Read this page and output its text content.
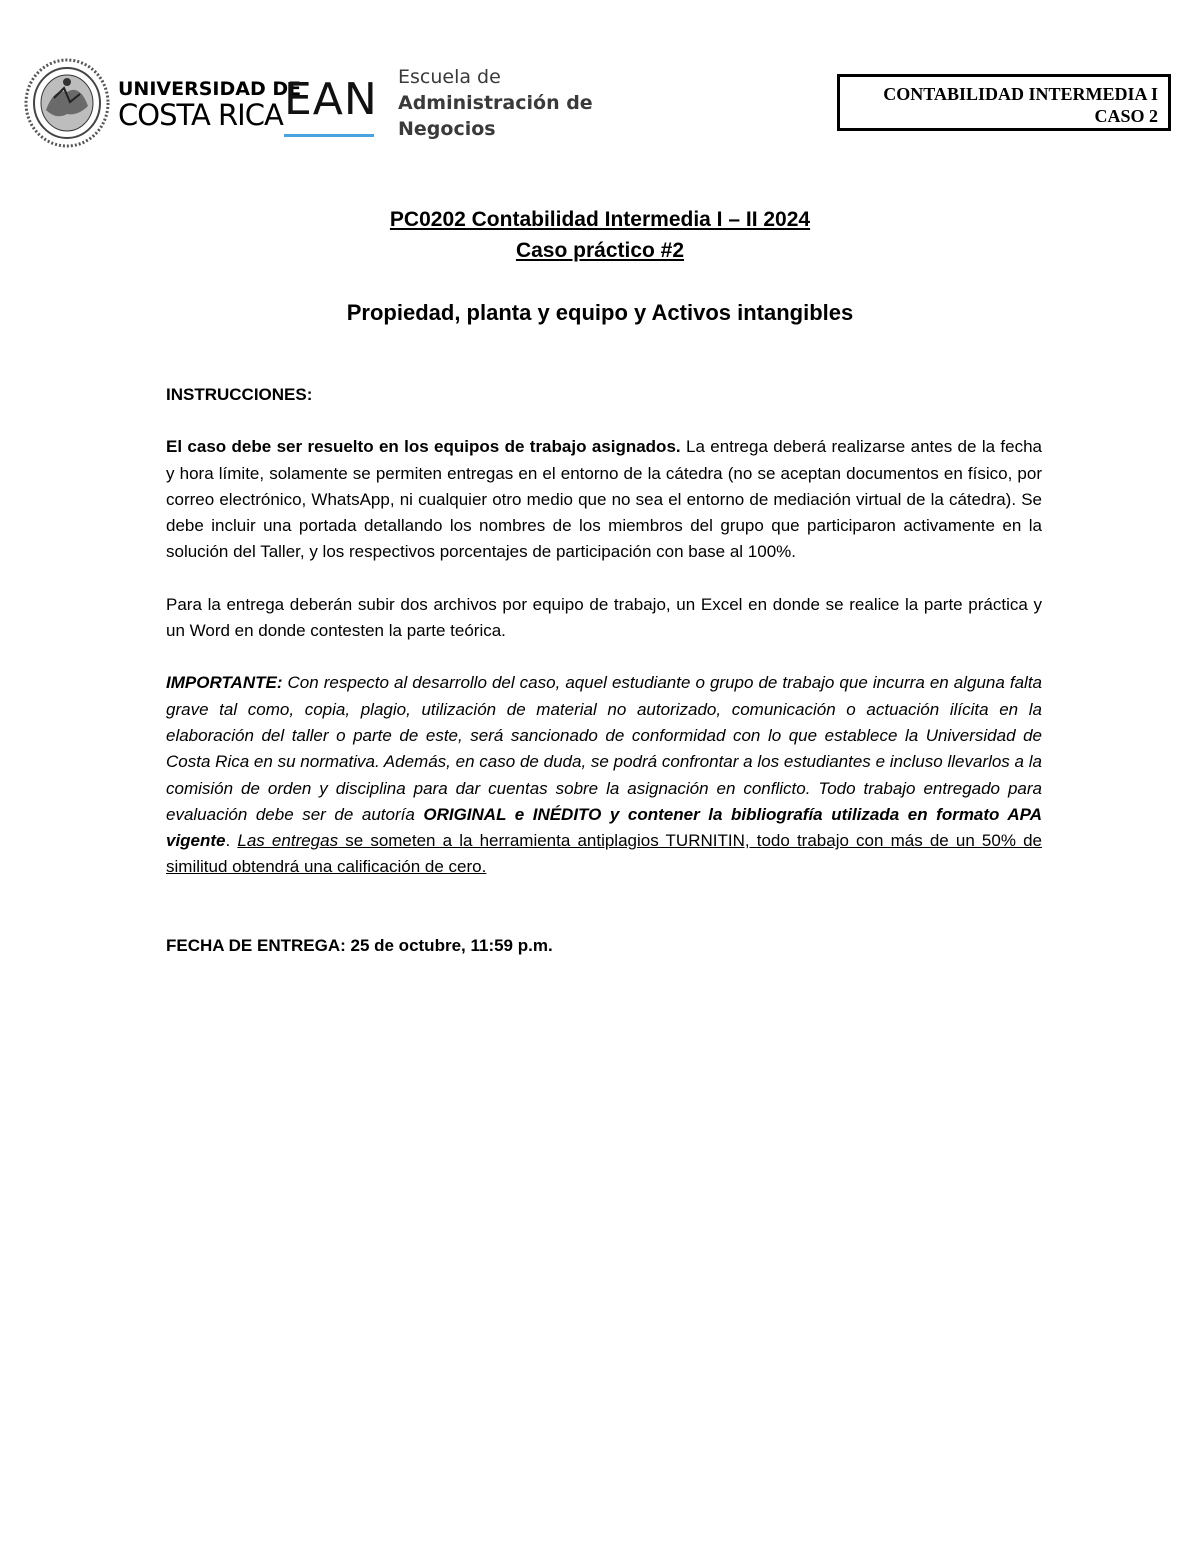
UNIVERSIDAD DE
COSTA RICA EAN Escuela de
Administración de
Negocios
CONTABILIDAD INTERMEDIA I
CASO 2
PC0202 Contabilidad Intermedia I – II 2024
Caso práctico #2
Propiedad, planta y equipo y Activos intangibles

INSTRUCCIONES:

El caso debe ser resuelto en los equipos de trabajo asignados. La entrega deberá realizarse antes de la fecha y hora límite, solamente se permiten entregas en el entorno de la cátedra (no se aceptan documentos en físico, por correo electrónico, WhatsApp, ni cualquier otro medio que no sea el entorno de mediación virtual de la cátedra). Se debe incluir una portada detallando los nombres de los miembros del grupo que participaron activamente en la solución del Taller, y los respectivos porcentajes de participación con base al 100%.

Para la entrega deberán subir dos archivos por equipo de trabajo, un Excel en donde se realice la parte práctica y un Word en donde contesten la parte teórica.

IMPORTANTE: Con respecto al desarrollo del caso, aquel estudiante o grupo de trabajo que incurra en alguna falta grave tal como, copia, plagio, utilización de material no autorizado, comunicación o actuación ilícita en la elaboración del taller o parte de este, será sancionado de conformidad con lo que establece la Universidad de Costa Rica en su normativa. Además, en caso de duda, se podrá confrontar a los estudiantes e incluso llevarlos a la comisión de orden y disciplina para dar cuentas sobre la asignación en conflicto. Todo trabajo entregado para evaluación debe ser de autoría ORIGINAL e INÉDITO y contener la bibliografía utilizada en formato APA vigente. Las entregas se someten a la herramienta antiplagios TURNITIN, todo trabajo con más de un 50% de similitud obtendrá una calificación de cero.

FECHA DE ENTREGA: 25 de octubre, 11:59 p.m.
